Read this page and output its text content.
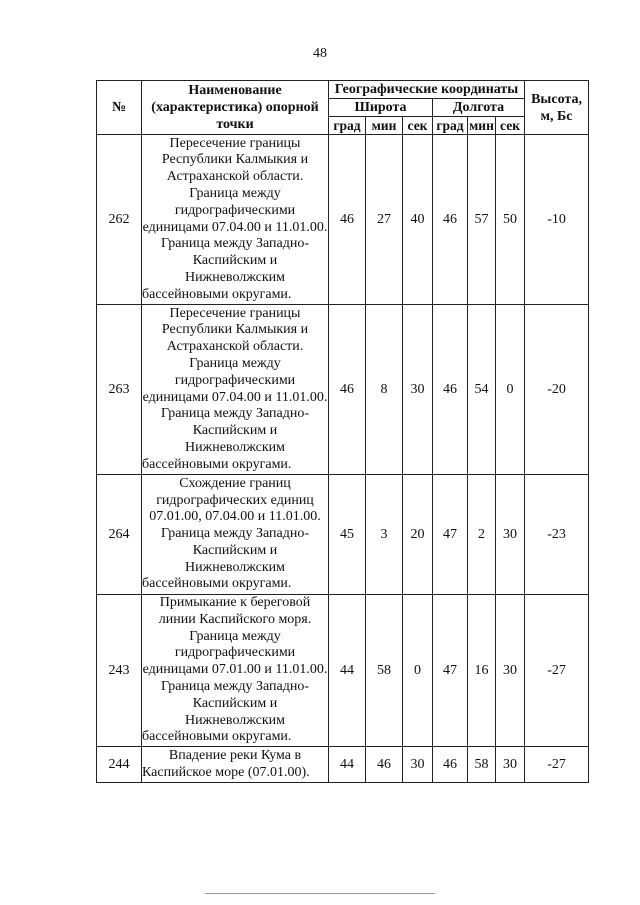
48
№	Наименование (характеристика) опорной точки	Географические координаты						Высота, м, Бс
		Широта			Долгота			
		град	мин	сек	град	мин	сек	
262	Пересечение границы Республики Калмыкия и Астраханской области. Граница между гидрографическими единицами 07.04.00 и 11.01.00. Граница между Западно-Каспийским и Нижневолжским бассейновыми округами.	46	27	40	46	57	50	-10
263	Пересечение границы Республики Калмыкия и Астраханской области. Граница между гидрографическими единицами 07.04.00 и 11.01.00. Граница между Западно-Каспийским и Нижневолжским бассейновыми округами.	46	8	30	46	54	0	-20
264	Схождение границ гидрографических единиц 07.01.00, 07.04.00 и 11.01.00. Граница между Западно-Каспийским и Нижневолжским бассейновыми округами.	45	3	20	47	2	30	-23
243	Примыкание к береговой линии Каспийского моря. Граница между гидрографическими единицами 07.01.00 и 11.01.00. Граница между Западно-Каспийским и Нижневолжским бассейновыми округами.	44	58	0	47	16	30	-27
244	Впадение реки Кума в Каспийское море (07.01.00).	44	46	30	46	58	30	-27
